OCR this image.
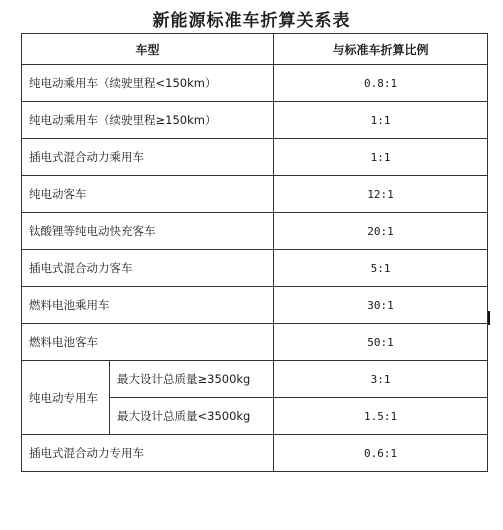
新能源标准车折算关系表
车型		与标准车折算比例
纯电动乘用车（续驶里程<150km）		0.8:1
纯电动乘用车（续驶里程≥150km）		1:1
插电式混合动力乘用车		1:1
纯电动客车		12:1
钛酸锂等纯电动快充客车		20:1
插电式混合动力客车		5:1
燃料电池乘用车		30:1
燃料电池客车		50:1
纯电动专用车	最大设计总质量≥3500kg	3:1
	最大设计总质量<3500kg	1.5:1
插电式混合动力专用车		0.6:1
